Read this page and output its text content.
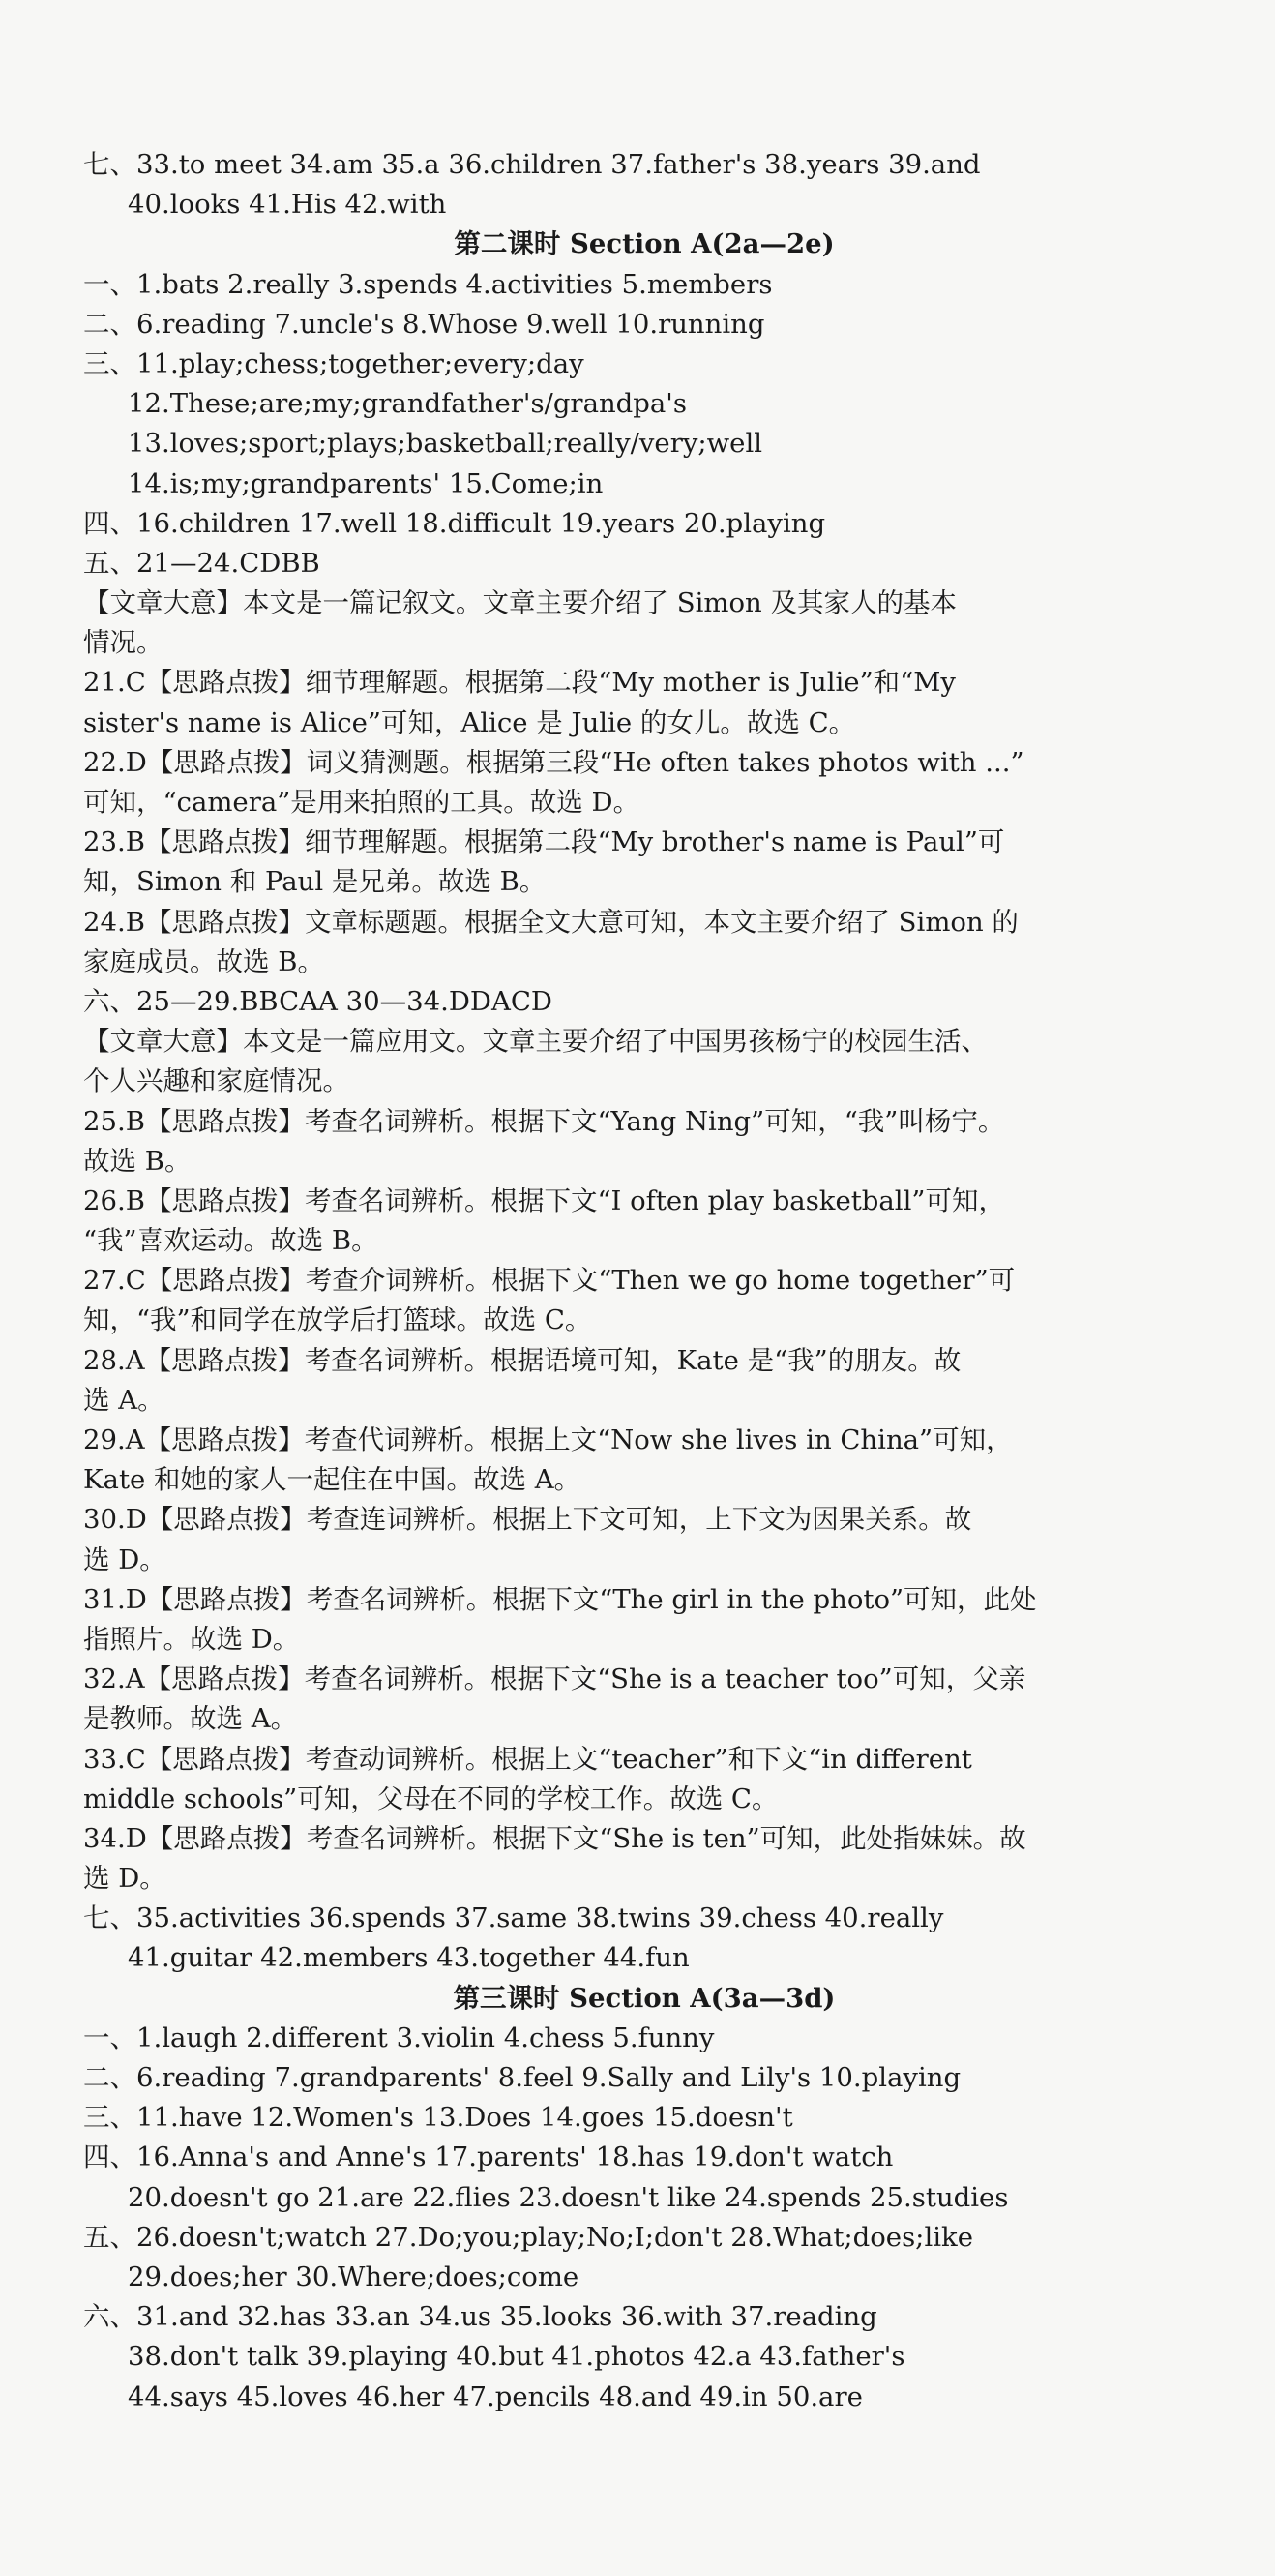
七、33.to meet 34.am 35.a 36.children 37.father's 38.years 39.and
40.looks 41.His 42.with
第二课时 Section A(2a—2e)
一、1.bats 2.really 3.spends 4.activities 5.members
二、6.reading 7.uncle's 8.Whose 9.well 10.running
三、11.play;chess;together;every;day
12.These;are;my;grandfather's/grandpa's
13.loves;sport;plays;basketball;really/very;well
14.is;my;grandparents' 15.Come;in
四、16.children 17.well 18.difficult 19.years 20.playing
五、21—24.CDBB
【文章大意】本文是一篇记叙文。文章主要介绍了 Simon 及其家人的基本
情况。
21.C【思路点拨】细节理解题。根据第二段“My mother is Julie”和“My
sister's name is Alice”可知，Alice 是 Julie 的女儿。故选 C。
22.D【思路点拨】词义猜测题。根据第三段“He often takes photos with ...”
可知，“camera”是用来拍照的工具。故选 D。
23.B【思路点拨】细节理解题。根据第二段“My brother's name is Paul”可
知，Simon 和 Paul 是兄弟。故选 B。
24.B【思路点拨】文章标题题。根据全文大意可知，本文主要介绍了 Simon 的
家庭成员。故选 B。
六、25—29.BBCAA 30—34.DDACD
【文章大意】本文是一篇应用文。文章主要介绍了中国男孩杨宁的校园生活、
个人兴趣和家庭情况。
25.B【思路点拨】考查名词辨析。根据下文“Yang Ning”可知，“我”叫杨宁。
故选 B。
26.B【思路点拨】考查名词辨析。根据下文“I often play basketball”可知，
“我”喜欢运动。故选 B。
27.C【思路点拨】考查介词辨析。根据下文“Then we go home together”可
知，“我”和同学在放学后打篮球。故选 C。
28.A【思路点拨】考查名词辨析。根据语境可知，Kate 是“我”的朋友。故
选 A。
29.A【思路点拨】考查代词辨析。根据上文“Now she lives in China”可知，
Kate 和她的家人一起住在中国。故选 A。
30.D【思路点拨】考查连词辨析。根据上下文可知，上下文为因果关系。故
选 D。
31.D【思路点拨】考查名词辨析。根据下文“The girl in the photo”可知，此处
指照片。故选 D。
32.A【思路点拨】考查名词辨析。根据下文“She is a teacher too”可知，父亲
是教师。故选 A。
33.C【思路点拨】考查动词辨析。根据上文“teacher”和下文“in different
middle schools”可知，父母在不同的学校工作。故选 C。
34.D【思路点拨】考查名词辨析。根据下文“She is ten”可知，此处指妹妹。故
选 D。
七、35.activities 36.spends 37.same 38.twins 39.chess 40.really
41.guitar 42.members 43.together 44.fun
第三课时 Section A(3a—3d)
一、1.laugh 2.different 3.violin 4.chess 5.funny
二、6.reading 7.grandparents' 8.feel 9.Sally and Lily's 10.playing
三、11.have 12.Women's 13.Does 14.goes 15.doesn't
四、16.Anna's and Anne's 17.parents' 18.has 19.don't watch
20.doesn't go 21.are 22.flies 23.doesn't like 24.spends 25.studies
五、26.doesn't;watch 27.Do;you;play;No;I;don't 28.What;does;like
29.does;her 30.Where;does;come
六、31.and 32.has 33.an 34.us 35.looks 36.with 37.reading
38.don't talk 39.playing 40.but 41.photos 42.a 43.father's
44.says 45.loves 46.her 47.pencils 48.and 49.in 50.are
